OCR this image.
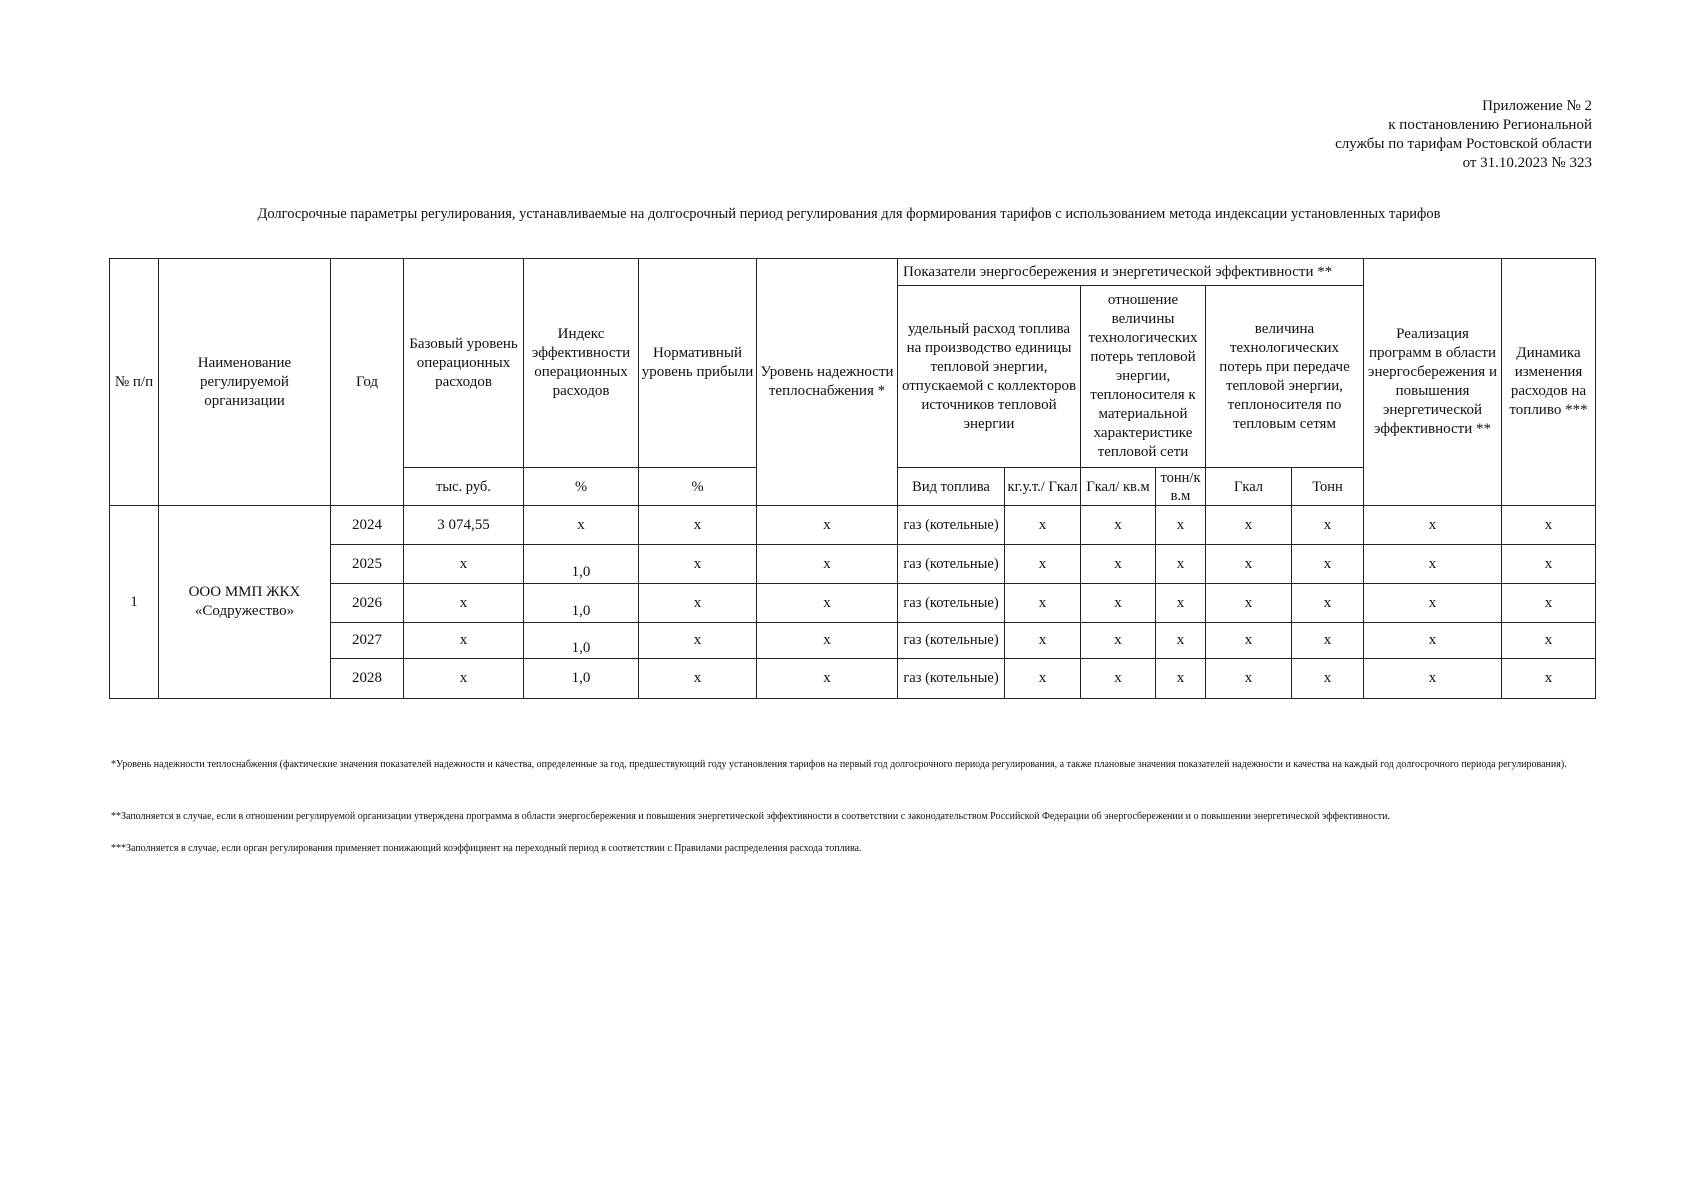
Приложение № 2
к постановлению Региональной
службы по тарифам Ростовской области
от 31.10.2023 № 323
Долгосрочные параметры регулирования, устанавливаемые на долгосрочный период регулирования для формирования тарифов с использованием метода индексации установленных тарифов
№ п/п	Наименование регулируемой организации	Год	Базовый уровень операционных расходов	Индекс эффективности операционных расходов	Нормативный уровень прибыли	Уровень надежности теплоснабжения *	Показатели энергосбережения и энергетической эффективности **						Реализация программ в области энергосбережения и повышения энергетической эффективности **	Динамика изменения расходов на топливо ***
							удельный расход топлива на производство единицы тепловой энергии, отпускаемой с коллекторов источников тепловой энергии		отношение величины технологических потерь тепловой энергии, теплоносителя к материальной характеристике тепловой сети		величина технологических потерь при передаче тепловой энергии, теплоносителя по тепловым сетям			
			тыс. руб.	%	%		Вид топлива	кг.у.т./ Гкал	Гкал/ кв.м	тонн/к в.м	Гкал	Тонн		
1	ООО ММП ЖКХ «Содружество»	2024	3 074,55	х	х	х	газ (котельные)	х	х	х	х	х	х	х
		2025	х	1,0	х	х	газ (котельные)	х	х	х	х	х	х	х
		2026	х	1,0	х	х	газ (котельные)	х	х	х	х	х	х	х
		2027	х	1,0	х	х	газ (котельные)	х	х	х	х	х	х	х
		2028	х	1,0	х	х	газ (котельные)	х	х	х	х	х	х	х
*Уровень надежности теплоснабжения (фактические значения показателей надежности и качества, определенные за год, предшествующий году установления тарифов на первый год долгосрочного периода регулирования, а также плановые значения показателей надежности и качества на каждый год долгосрочного периода регулирования).
**Заполняется в случае, если в отношении регулируемой организации утверждена программа в области энергосбережения и повышения энергетической эффективности в соответствии с законодательством Российской Федерации об энергосбережении и о повышении энергетической эффективности.
***Заполняется в случае, если орган регулирования применяет понижающий коэффициент на переходный период в соответствии с Правилами распределения расхода топлива.
